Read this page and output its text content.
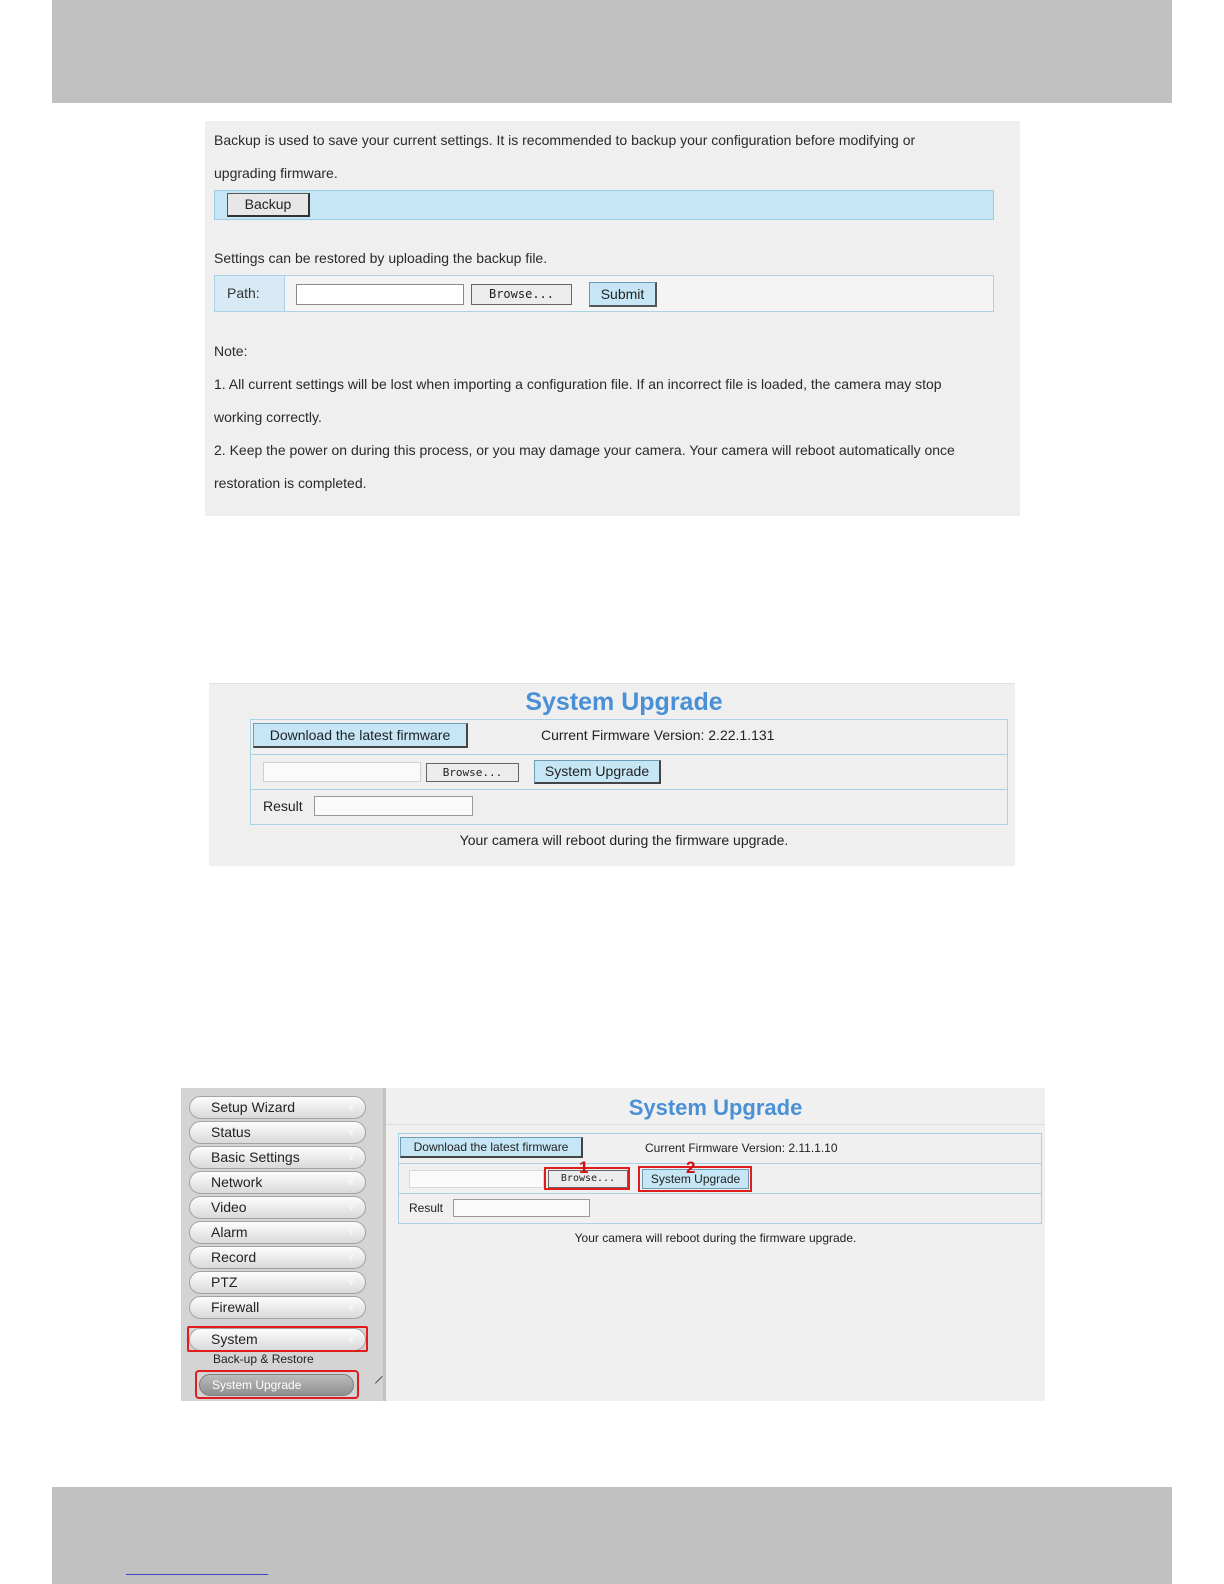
Backup is used to save your current settings. It is recommended to backup your configuration before modifying or
upgrading firmware.
Backup
Settings can be restored by uploading the backup file.
Path:	Browse...	Submit
Note:
1. All current settings will be lost when importing a configuration file. If an incorrect file is loaded, the camera may stop
working correctly.
2. Keep the power on during this process, or you may damage your camera. Your camera will reboot automatically once
restoration is completed.
System Upgrade
Download the latest firmware	Current Firmware Version: 2.22.1.131
Browse...	System Upgrade
Result
Your camera will reboot during the firmware upgrade.
Setup Wizard	▼
Status	▼
Basic Settings	▼
Network	▼
Video	▼
Alarm	▼
Record	▼
PTZ	▼
Firewall	▼
System	▼
Back-up & Restore
System Upgrade
System Upgrade
Download the latest firmware	Current Firmware Version: 2.11.1.10
Browse...	System Upgrade
Result
1	2
Your camera will reboot during the firmware upgrade.
